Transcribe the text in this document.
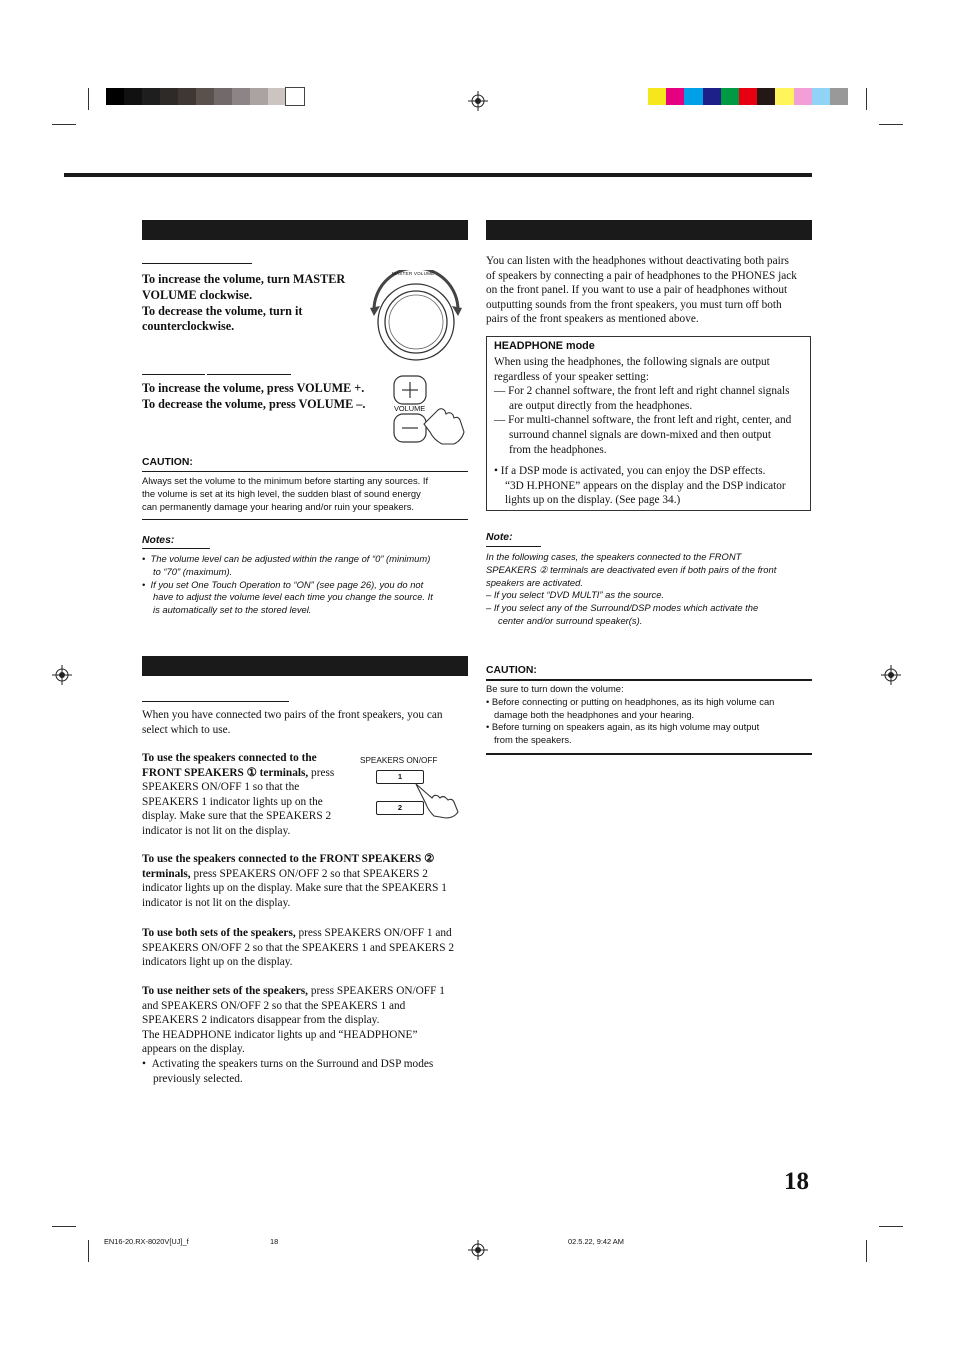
To increase the volume, turn MASTER
VOLUME clockwise.
To decrease the volume, turn it
counterclockwise.
MASTER VOLUME
To increase the volume, press VOLUME +.
To decrease the volume, press VOLUME –.	VOLUME
CAUTION:
Always set the volume to the minimum before starting any sources. If
the volume is set at its high level, the sudden blast of sound energy
can permanently damage your hearing and/or ruin your speakers.
Notes:
•  The volume level can be adjusted within the range of “0” (minimum)
to “70” (maximum).
•  If you set One Touch Operation to “ON” (see page 26), you do not
have to adjust the volume level each time you change the source. It
is automatically set to the stored level.
When you have connected two pairs of the front speakers, you can
select which to use.
To use the speakers connected to the
FRONT SPEAKERS ① terminals, press
SPEAKERS ON/OFF 1 so that the
SPEAKERS 1 indicator lights up on the
display. Make sure that the SPEAKERS 2
indicator is not lit on the display.
SPEAKERS ON/OFF
1
2
To use the speakers connected to the FRONT SPEAKERS ②
terminals, press SPEAKERS ON/OFF 2 so that SPEAKERS 2
indicator lights up on the display. Make sure that the SPEAKERS 1
indicator is not lit on the display.
To use both sets of the speakers, press SPEAKERS ON/OFF 1 and
SPEAKERS ON/OFF 2 so that the SPEAKERS 1 and SPEAKERS 2
indicators light up on the display.
To use neither sets of the speakers, press SPEAKERS ON/OFF 1
and SPEAKERS ON/OFF 2 so that the SPEAKERS 1 and
SPEAKERS 2 indicators disappear from the display.
The HEADPHONE indicator lights up and “HEADPHONE”
appears on the display.
•  Activating the speakers turns on the Surround and DSP modes
previously selected.
You can listen with the headphones without deactivating both pairs
of speakers by connecting a pair of headphones to the PHONES jack
on the front panel. If you want to use a pair of headphones without
outputting sounds from the front speakers, you must turn off both
pairs of the front speakers as mentioned above.
HEADPHONE mode
When using the headphones, the following signals are output
regardless of your speaker setting:
— For 2 channel software, the front left and right channel signals
are output directly from the headphones.
— For multi-channel software, the front left and right, center, and
surround channel signals are down-mixed and then output
from the headphones.
• If a DSP mode is activated, you can enjoy the DSP effects.
“3D H.PHONE” appears on the display and the DSP indicator
lights up on the display. (See page 34.)
Note:
In the following cases, the speakers connected to the FRONT
SPEAKERS ② terminals are deactivated even if both pairs of the front
speakers are activated.
– If you select “DVD MULTI” as the source.
– If you select any of the Surround/DSP modes which activate the
center and/or surround speaker(s).
CAUTION:
Be sure to turn down the volume:
• Before connecting or putting on headphones, as its high volume can
damage both the headphones and your hearing.
• Before turning on speakers again, as its high volume may output
from the speakers.
18
EN16-20.RX-8020V[UJ]_f	18	02.5.22, 9:42 AM
